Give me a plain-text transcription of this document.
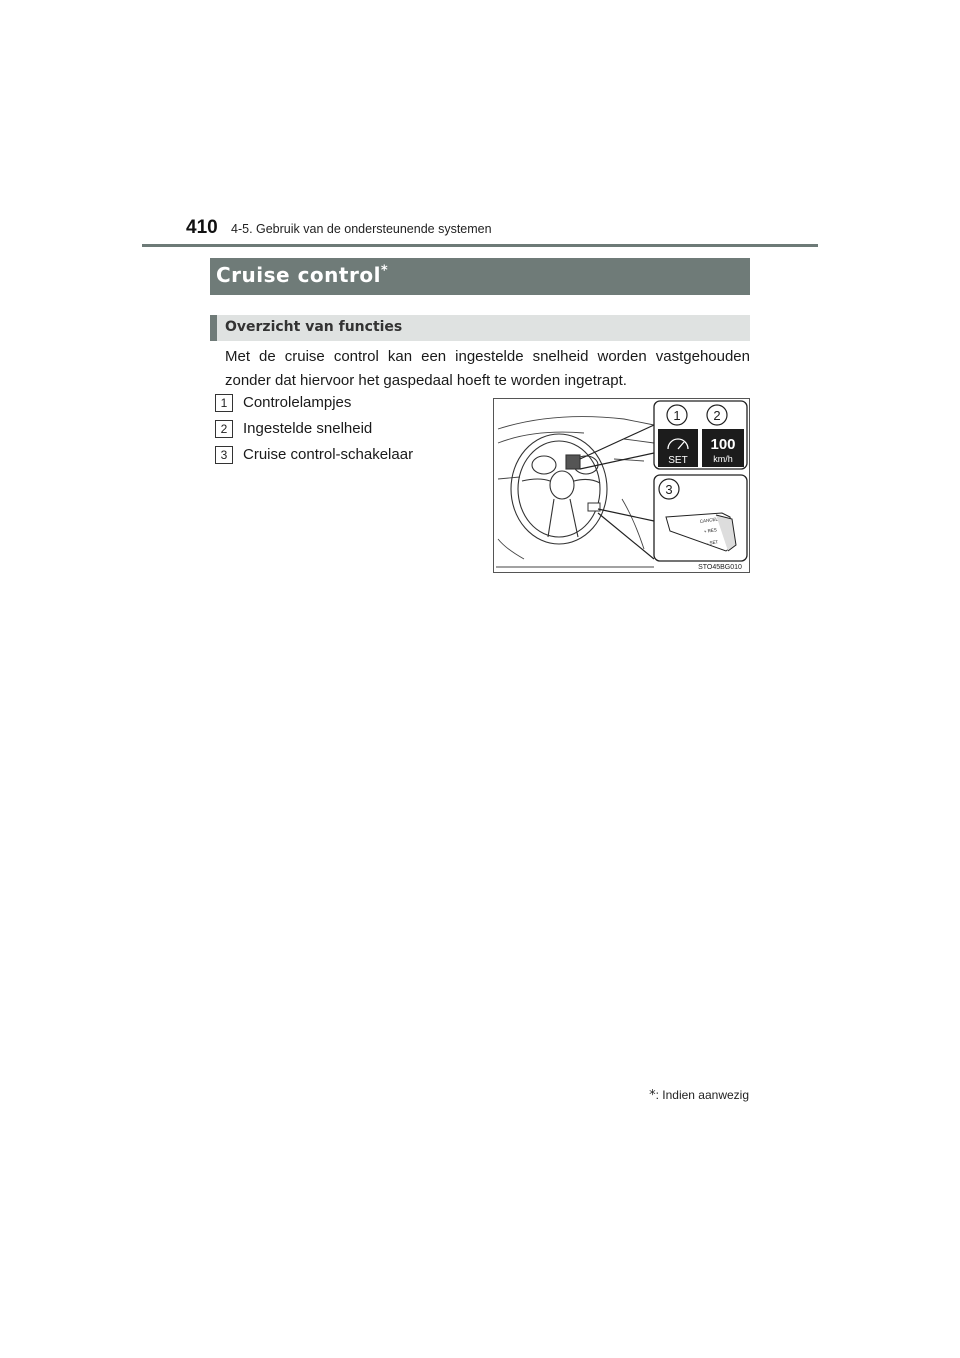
410 4-5. Gebruik van de ondersteunende systemen
Cruise control*
Overzicht van functies
Met de cruise control kan een ingestelde snelheid worden vastgehouden zonder dat hiervoor het gaspedaal hoeft te worden ingetrapt.
1	Controlelampjes
2	Ingestelde snelheid
3	Cruise control-schakelaar
1	2
SET
100
km/h
3
CANCEL
+ RES
– SET
STO45BG010
*: Indien aanwezig
